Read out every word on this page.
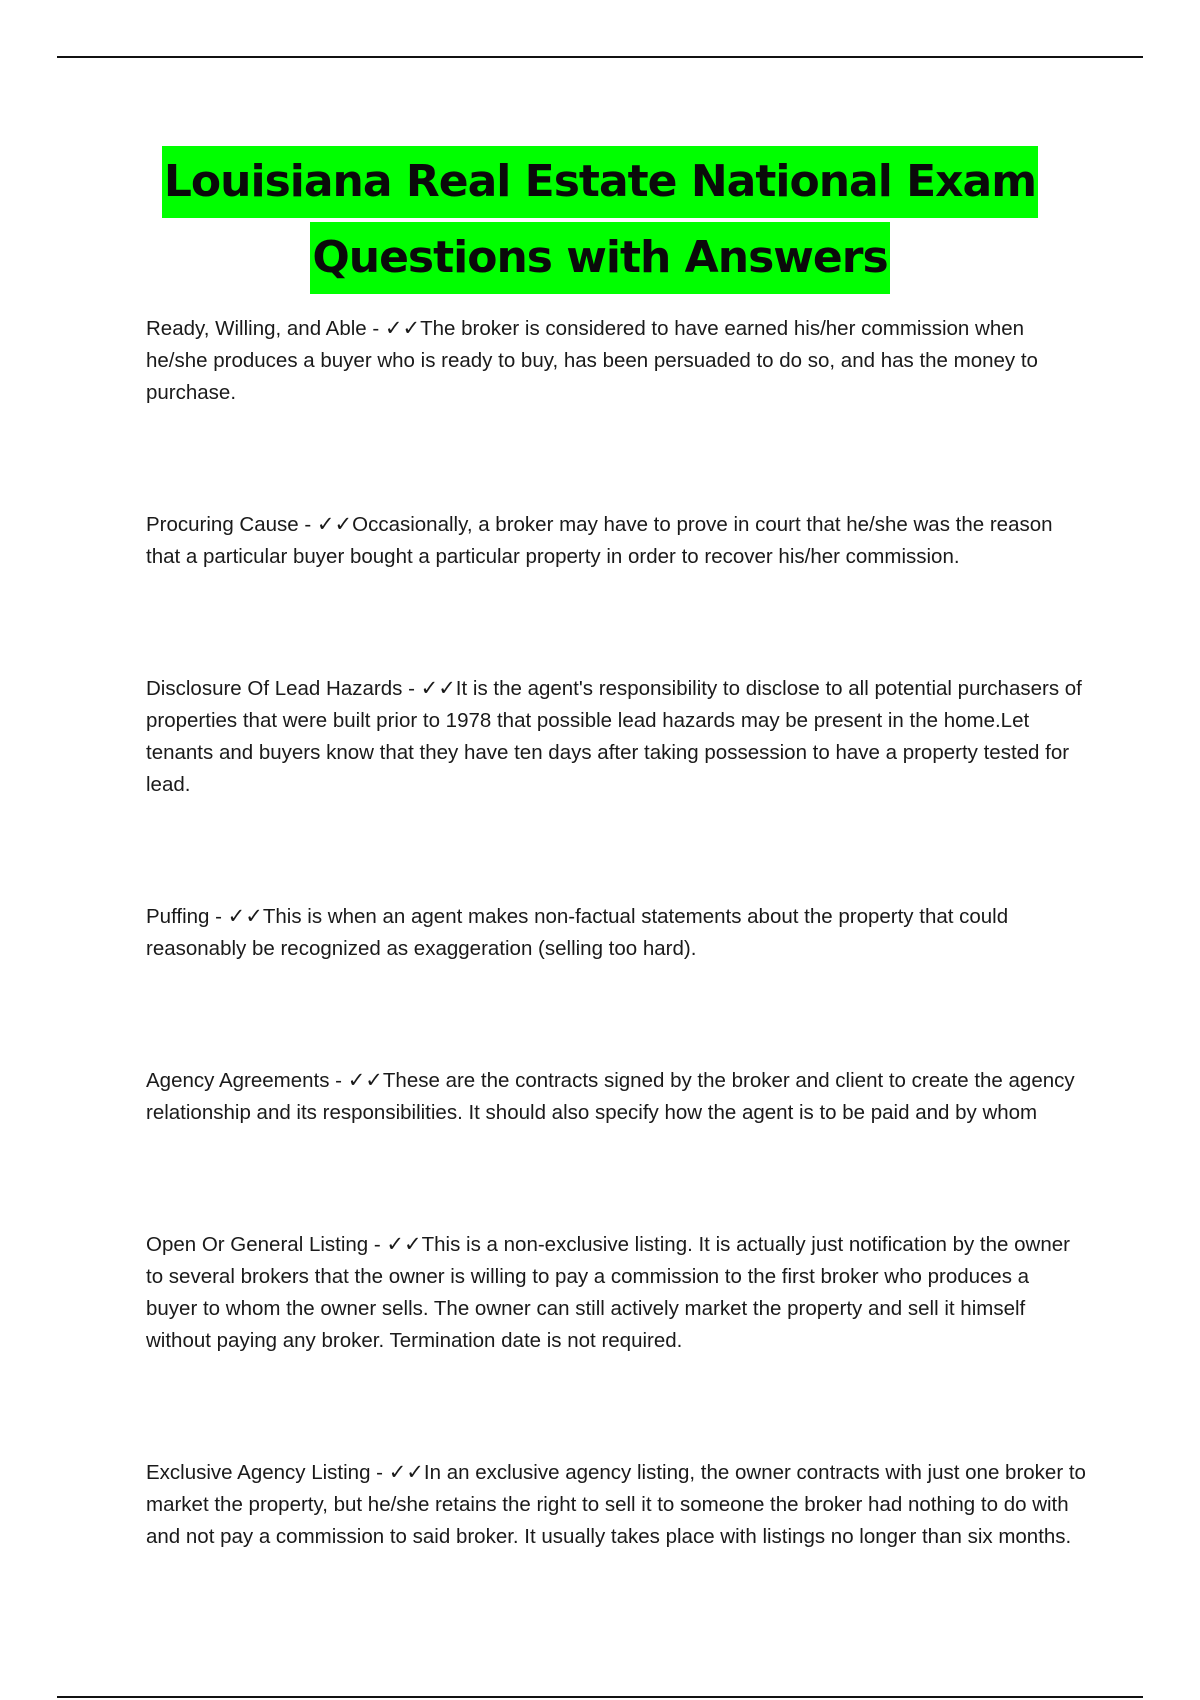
Louisiana Real Estate National Exam
Questions with Answers

Ready, Willing, and Able - ✓✓The broker is considered to have earned his/her commission when he/she produces a buyer who is ready to buy, has been persuaded to do so, and has the money to purchase.

Procuring Cause - ✓✓Occasionally, a broker may have to prove in court that he/she was the reason that a particular buyer bought a particular property in order to recover his/her commission.

Disclosure Of Lead Hazards - ✓✓It is the agent's responsibility to disclose to all potential purchasers of properties that were built prior to 1978 that possible lead hazards may be present in the home.Let tenants and buyers know that they have ten days after taking possession to have a property tested for lead.

Puffing - ✓✓This is when an agent makes non-factual statements about the property that could reasonably be recognized as exaggeration (selling too hard).

Agency Agreements - ✓✓These are the contracts signed by the broker and client to create the agency relationship and its responsibilities. It should also specify how the agent is to be paid and by whom

Open Or General Listing - ✓✓This is a non-exclusive listing. It is actually just notification by the owner to several brokers that the owner is willing to pay a commission to the first broker who produces a buyer to whom the owner sells. The owner can still actively market the property and sell it himself without paying any broker. Termination date is not required.

Exclusive Agency Listing - ✓✓In an exclusive agency listing, the owner contracts with just one broker to market the property, but he/she retains the right to sell it to someone the broker had nothing to do with and not pay a commission to said broker. It usually takes place with listings no longer than six months.
